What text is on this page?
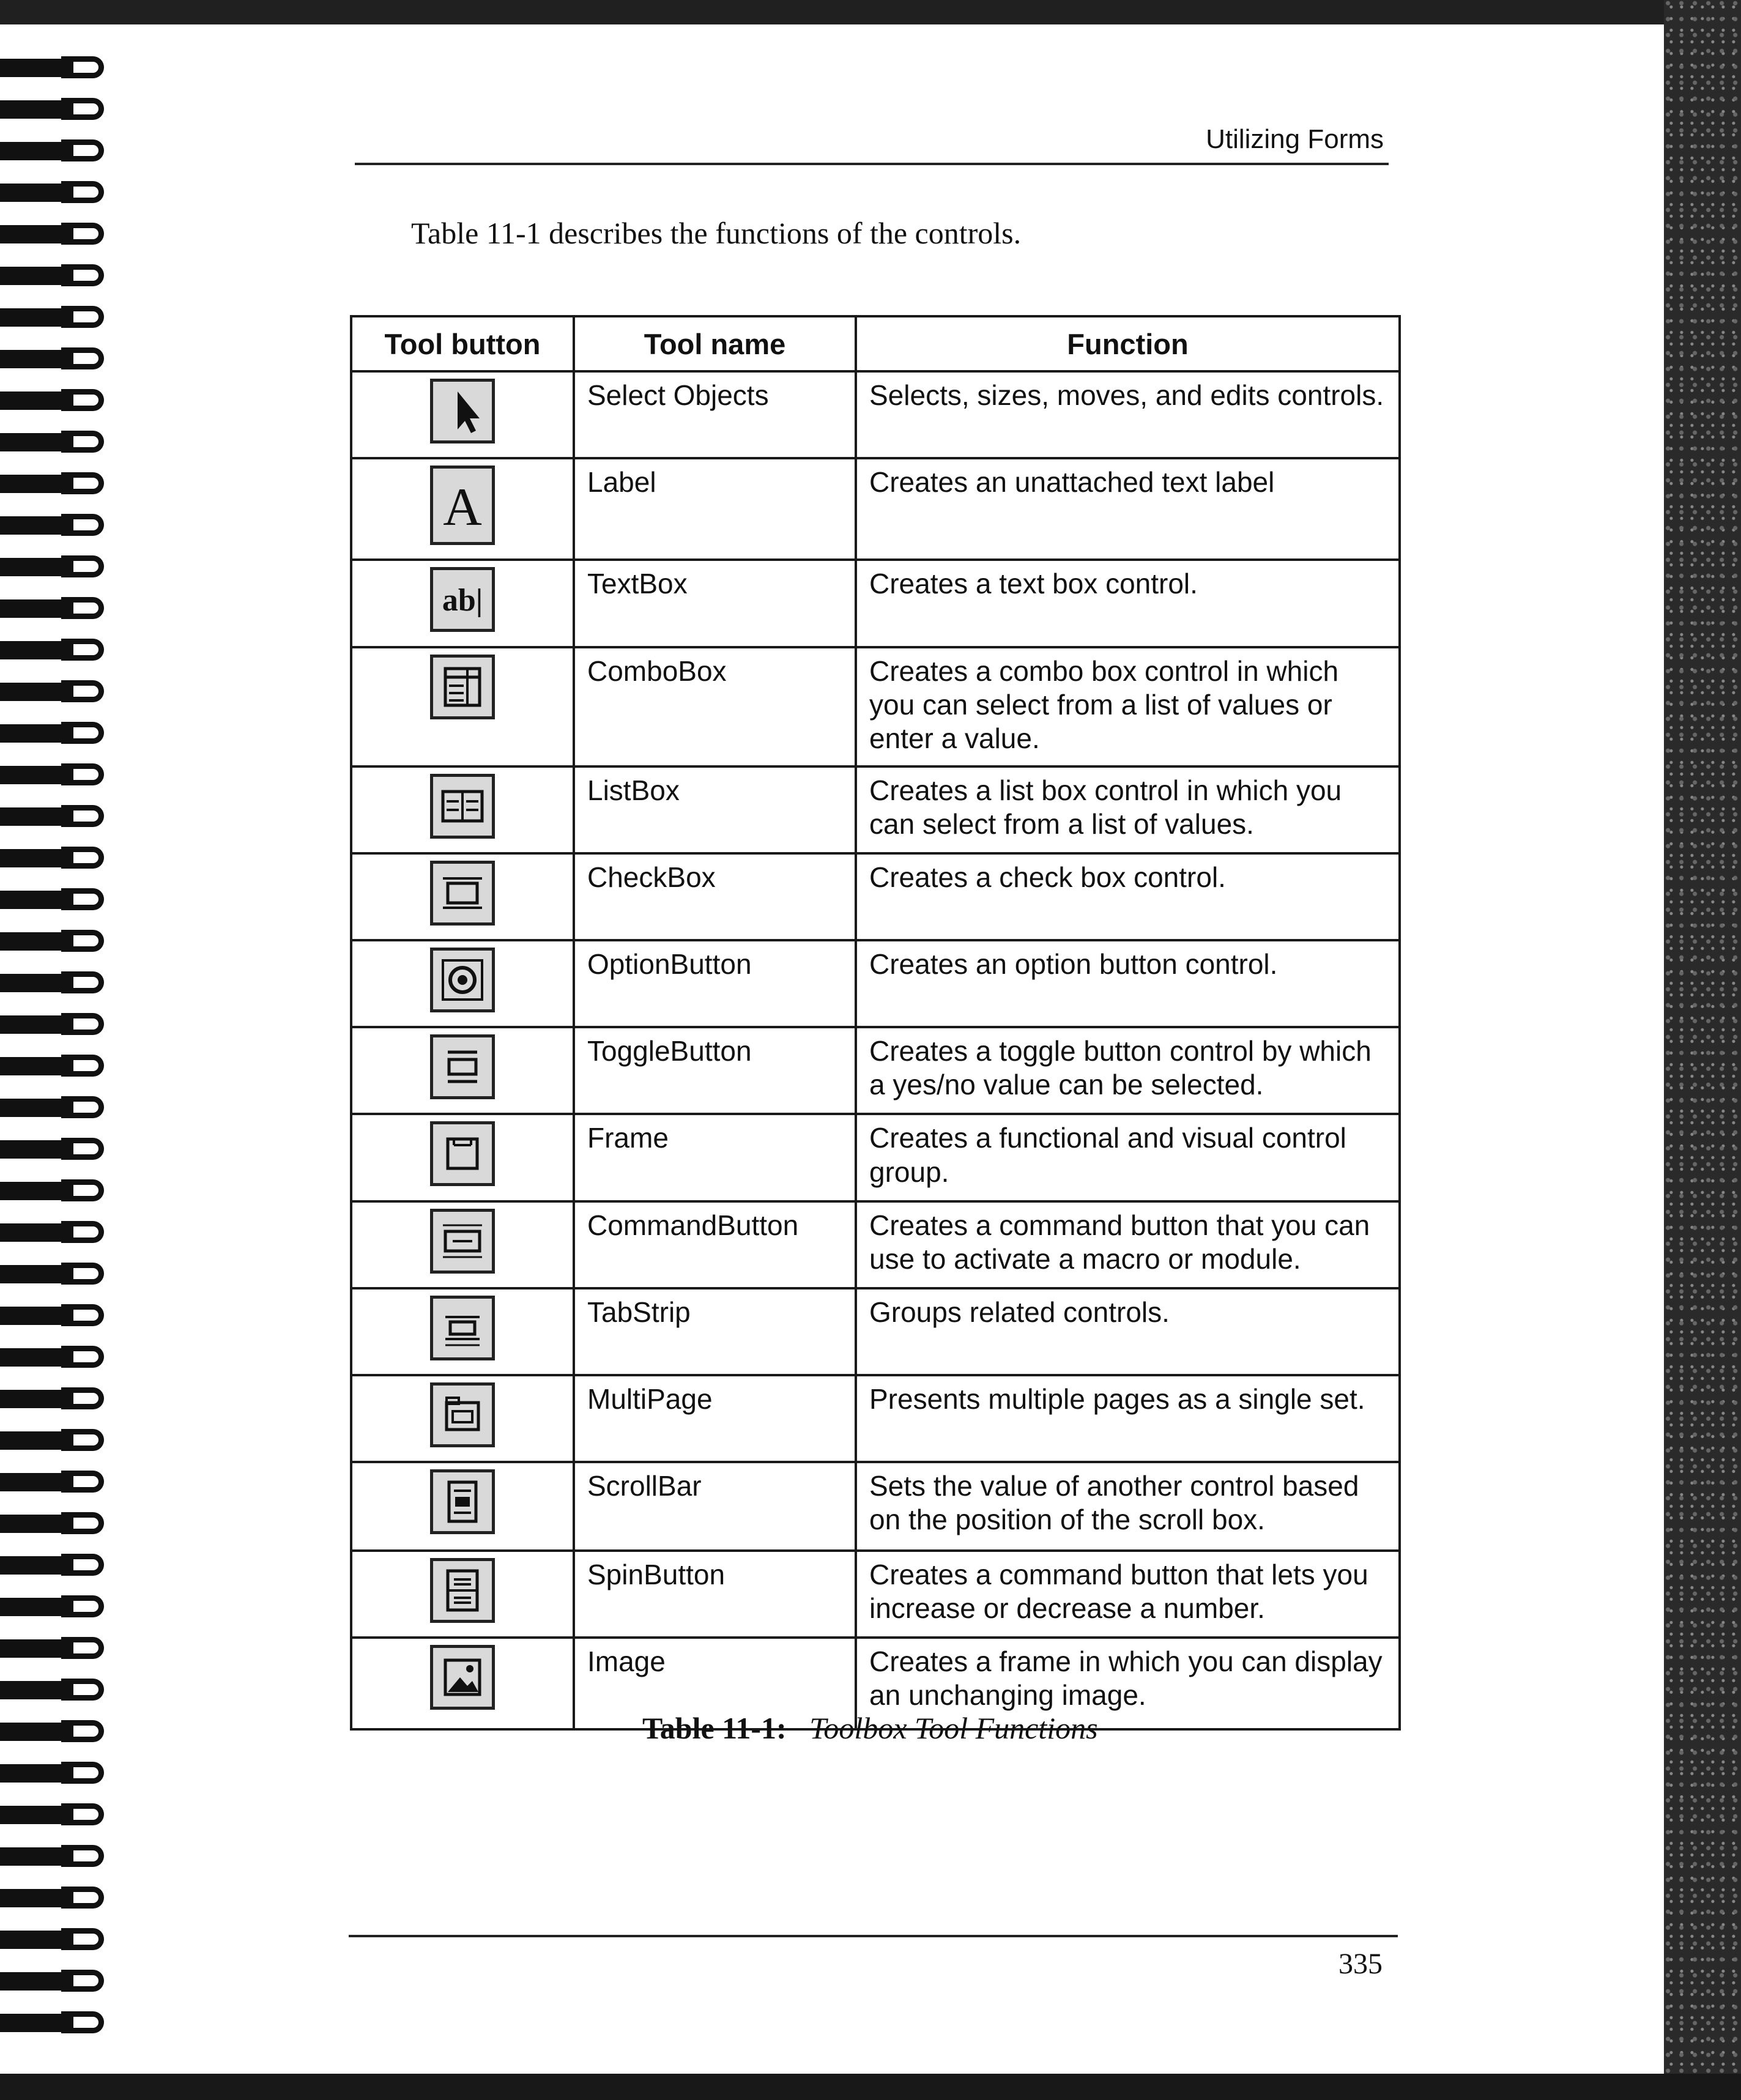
Utilizing Forms
Table 11-1 describes the functions of the controls.
Tool button	Tool name	Function

	Select Objects	Selects, sizes, moves, and edits controls.

A	Label	Creates an unattached text label

ab|	TextBox	Creates a text box control.

	ComboBox	Creates a combo box control in which you can select from a list of values or enter a value.

	ListBox	Creates a list box control in which you can select from a list of values.

	CheckBox	Creates a check box control.

	OptionButton	Creates an option button control.

	ToggleButton	Creates a toggle button control by which a yes/no value can be selected.

	Frame	Creates a functional and visual control group.

	CommandButton	Creates a command button that you can use to activate a macro or module.

	TabStrip	Groups related controls.

	MultiPage	Presents multiple pages as a single set.

	ScrollBar	Sets the value of another control based on the position of the scroll box.

	SpinButton	Creates a command button that lets you increase or decrease a number.

	Image	Creates a frame in which you can display an unchanging image.
Table 11-1: Toolbox Tool Functions
335
